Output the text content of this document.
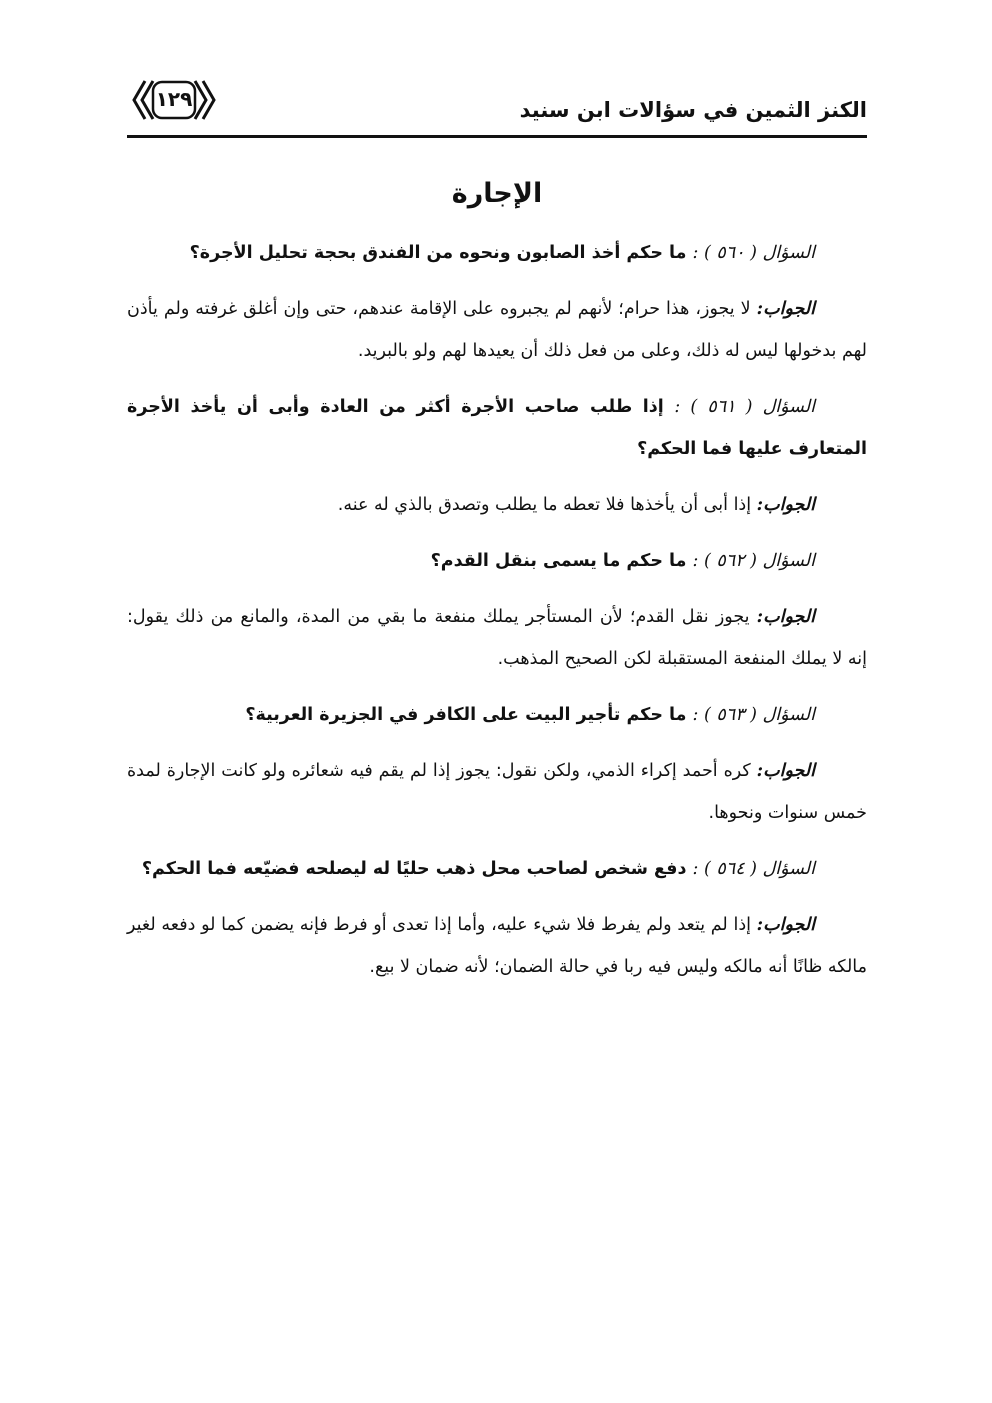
الكنز الثمين في سؤالات ابن سنيد
١٢٩
الإجارة

السؤال ( ٥٦٠ ) : ما حكم أخذ الصابون ونحوه من الفندق بحجة تحليل الأجرة؟

الجواب: لا يجوز، هذا حرام؛ لأنهم لم يجبروه على الإقامة عندهم، حتى وإن أغلق غرفته ولم يأذن لهم بدخولها ليس له ذلك، وعلى من فعل ذلك أن يعيدها لهم ولو بالبريد.

السؤال ( ٥٦١ ) : إذا طلب صاحب الأجرة أكثر من العادة وأبى أن يأخذ الأجرة المتعارف عليها فما الحكم؟

الجواب: إذا أبى أن يأخذها فلا تعطه ما يطلب وتصدق بالذي له عنه.

السؤال ( ٥٦٢ ) : ما حكم ما يسمى بنقل القدم؟

الجواب: يجوز نقل القدم؛ لأن المستأجر يملك منفعة ما بقي من المدة، والمانع من ذلك يقول: إنه لا يملك المنفعة المستقبلة لكن الصحيح المذهب.

السؤال ( ٥٦٣ ) : ما حكم تأجير البيت على الكافر في الجزيرة العربية؟

الجواب: كره أحمد إكراء الذمي، ولكن نقول: يجوز إذا لم يقم فيه شعائره ولو كانت الإجارة لمدة خمس سنوات ونحوها.

السؤال ( ٥٦٤ ) : دفع شخص لصاحب محل ذهب حليًا له ليصلحه فضيّعه فما الحكم؟

الجواب: إذا لم يتعد ولم يفرط فلا شيء عليه، وأما إذا تعدى أو فرط فإنه يضمن كما لو دفعه لغير مالكه ظانًا أنه مالكه وليس فيه ربا في حالة الضمان؛ لأنه ضمان لا بيع.
